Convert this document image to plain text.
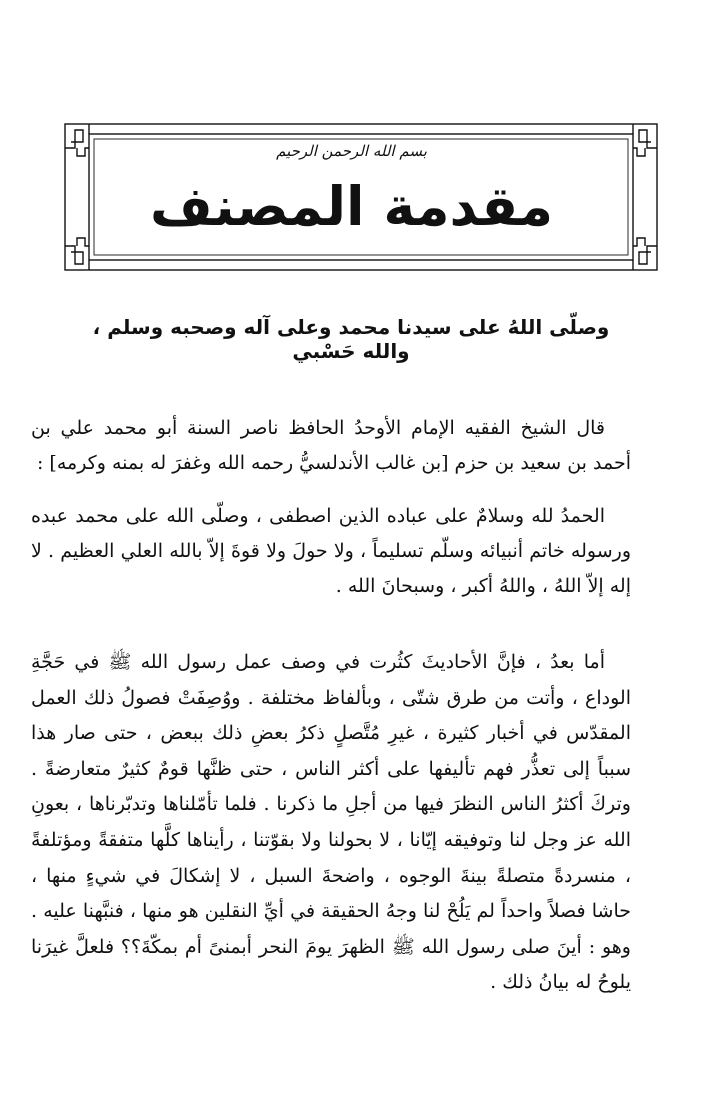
بسم الله الرحمن الرحيم
مقدمة المصنف
وصلّى اللهُ على سيدنا محمد وعلى آله وصحبه وسلم ، والله حَسْبي

قال الشيخ الفقيه الإمام الأوحدُ الحافظ ناصر السنة أبو محمد علي بن أحمد بن سعيد بن حزم [بن غالب الأندلسيُّ رحمه الله وغفرَ له بمنه وكرمه] :

الحمدُ لله وسلامٌ على عباده الذين اصطفى ، وصلّى الله على محمد عبده ورسوله خاتم أنبيائه وسلّم تسليماً ، ولا حولَ ولا قوةَ إلاّ بالله العلي العظيم . لا إله إلاّ اللهُ ، واللهُ أكبر ، وسبحانَ الله .

أما بعدُ ، فإنَّ الأحاديثَ كثُرت في وصف عمل رسول الله ﷺ في حَجَّةِ الوداع ، وأتت من طرق شتّى ، وبألفاظ مختلفة . ووُصِفَتْ فصولُ ذلك العمل المقدّس في أخبار كثيرة ، غيرِ مُتَّصلٍ ذكرُ بعضِ ذلك ببعض ، حتى صار هذا سبباً إلى تعذُّر فهم تأليفها على أكثر الناس ، حتى ظنَّها قومٌ كثيرٌ متعارضةً . وتركَ أكثرُ الناس النظرَ فيها من أجلِ ما ذكرنا . فلما تأمّلناها وتدبّرناها ، بعونِ الله عز وجل لنا وتوفيقه إيّانا ، لا بحولنا ولا بقوّتنا ، رأيناها كلَّها متفقةً ومؤتلفةً ، منسردةً متصلةً بينةَ الوجوه ، واضحةَ السبل ، لا إشكالَ في شيءٍ منها ، حاشا فصلاً واحداً لم يَلُحْ لنا وجهُ الحقيقة في أيِّ النقلين هو منها ، فنبَّهنا عليه . وهو : أينَ صلى رسول الله ﷺ الظهرَ يومَ النحر أبمنىً أم بمكّةَ؟؟ فلعلَّ غيرَنا يلوحُ له بيانُ ذلك .
